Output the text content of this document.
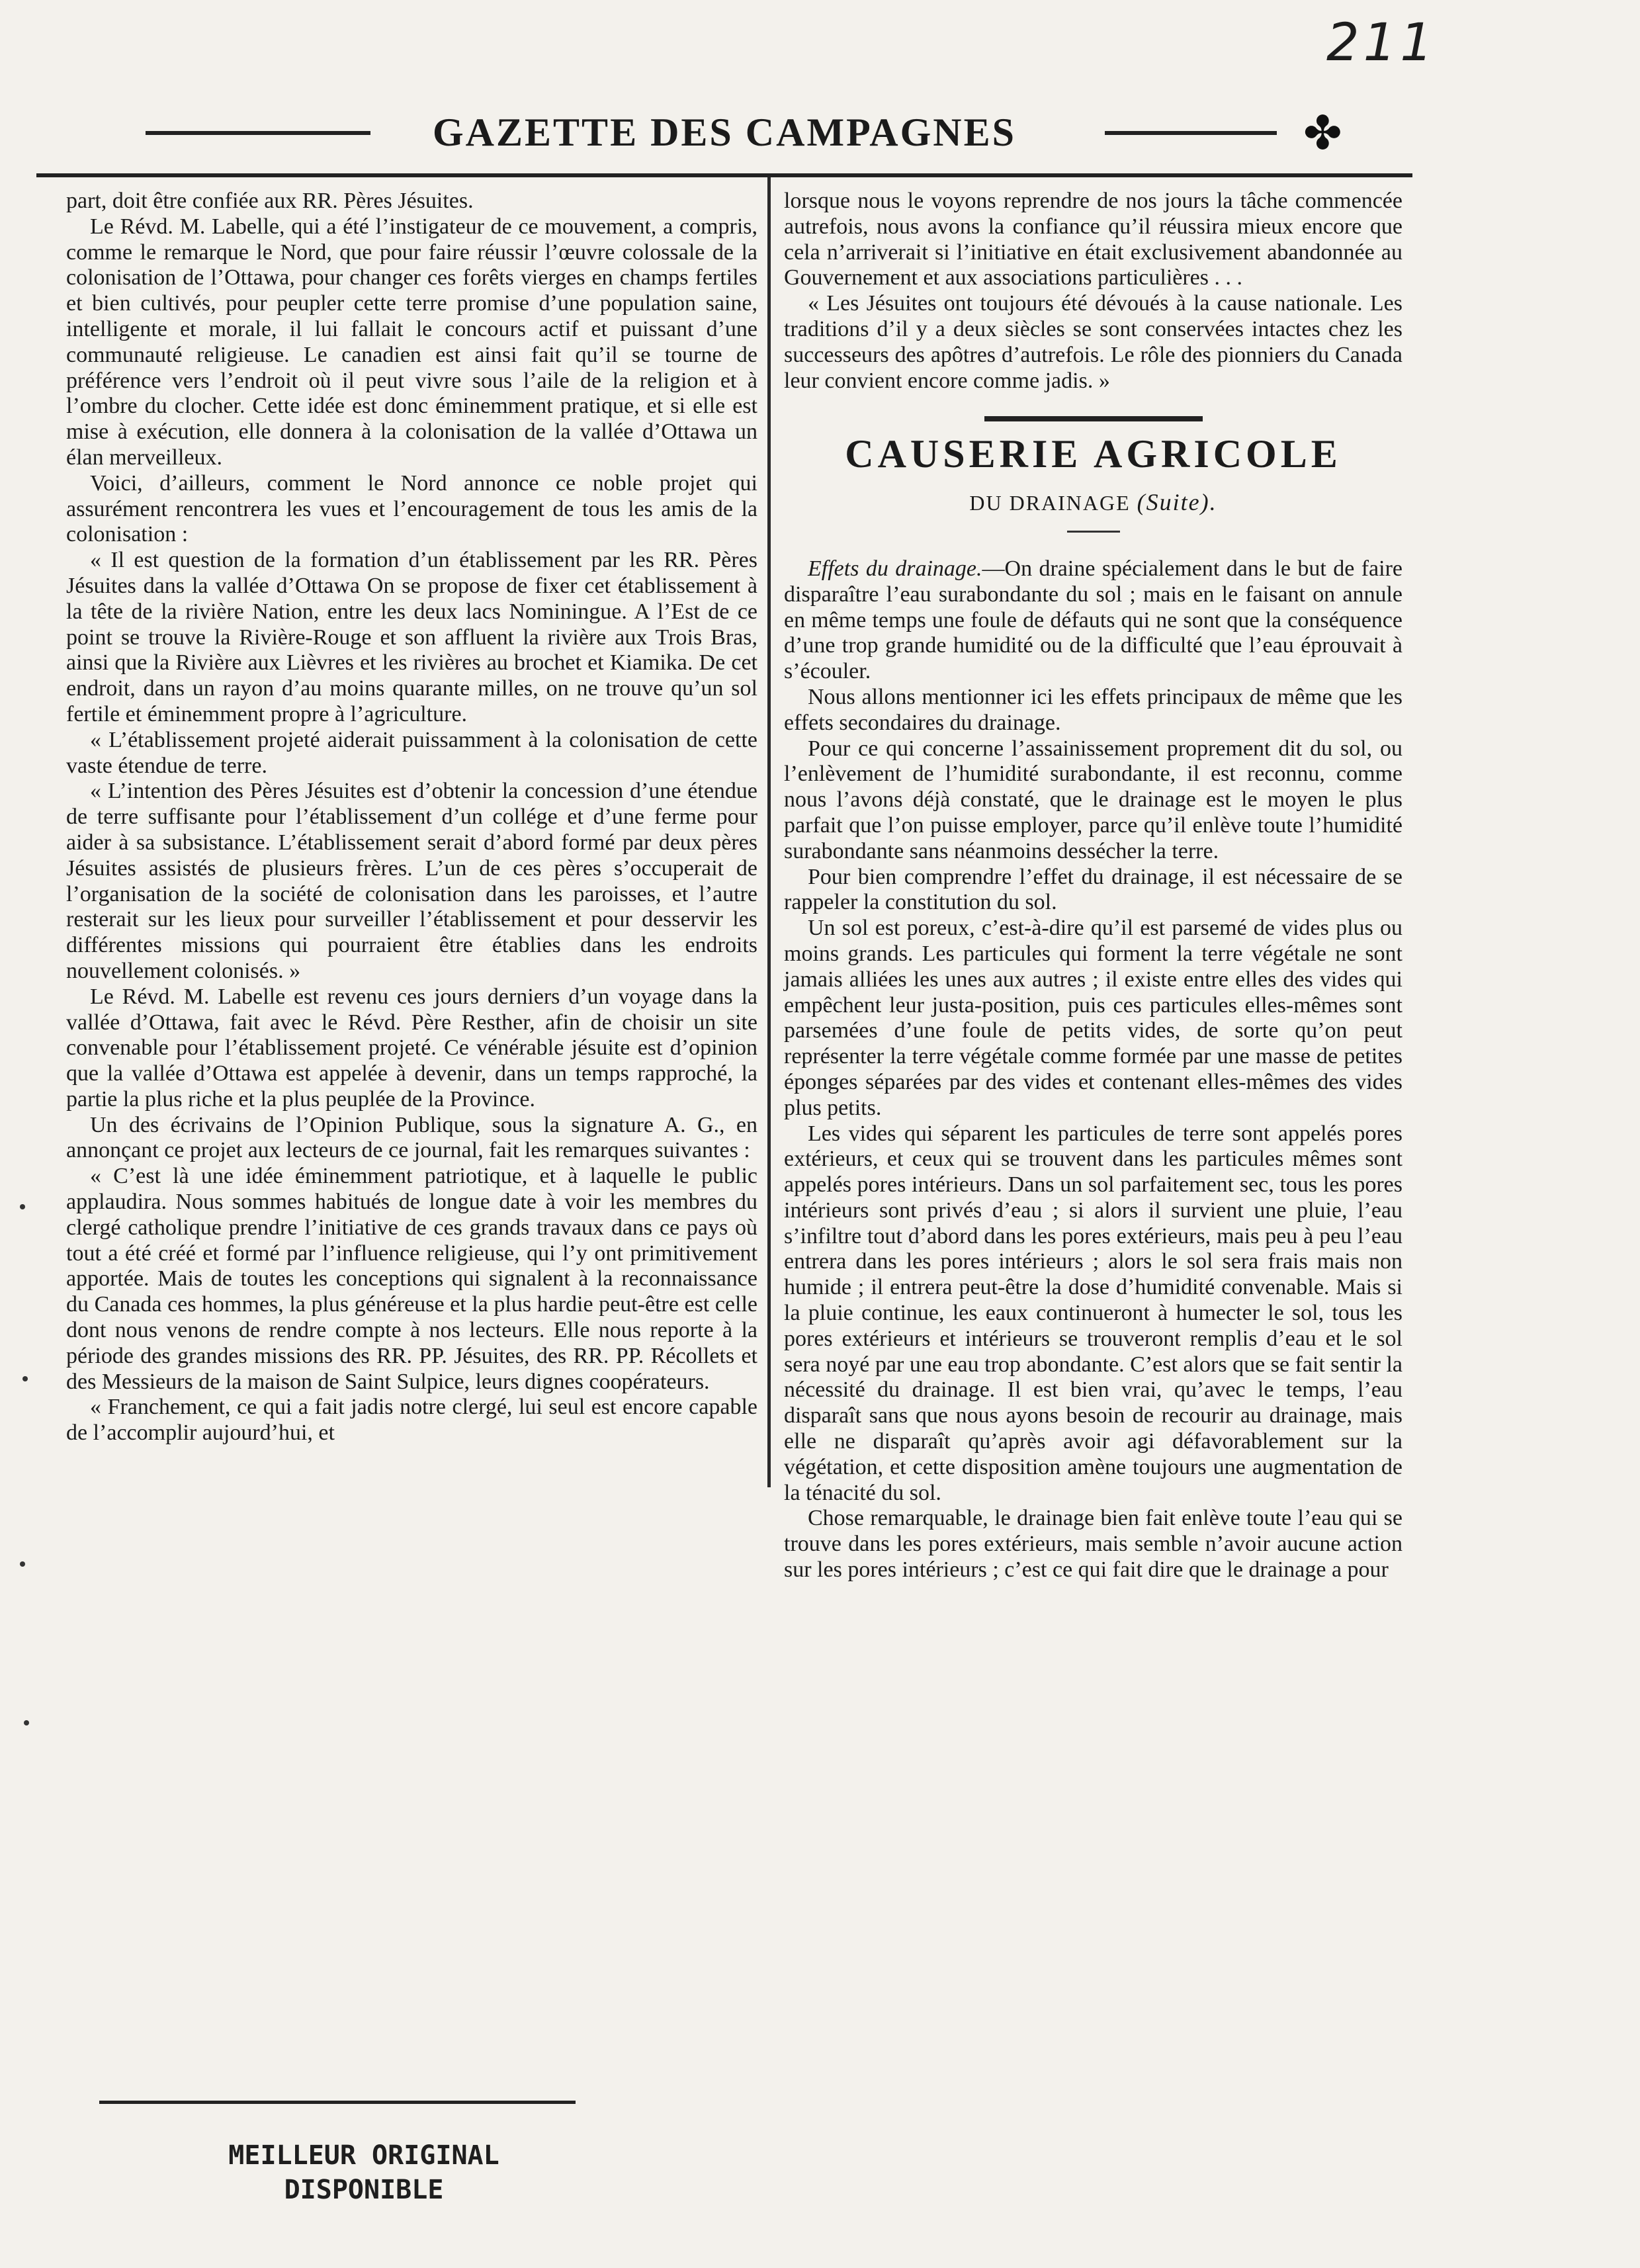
211
GAZETTE DES CAMPAGNES	✤

part, doit être confiée aux RR. Pères Jésuites.

Le Révd. M. Labelle, qui a été l’instigateur de ce mouvement, a compris, comme le remarque le Nord, que pour faire réussir l’œuvre colossale de la colonisation de l’Ottawa, pour changer ces forêts vierges en champs fertiles et bien cultivés, pour peupler cette terre promise d’une population saine, intelligente et morale, il lui fallait le concours actif et puissant d’une communauté religieuse. Le canadien est ainsi fait qu’il se tourne de préférence vers l’endroit où il peut vivre sous l’aile de la religion et à l’ombre du clocher. Cette idée est donc éminemment pratique, et si elle est mise à exécution, elle donnera à la colonisation de la vallée d’Ottawa un élan merveilleux.

Voici, d’ailleurs, comment le Nord annonce ce noble projet qui assurément rencontrera les vues et l’encouragement de tous les amis de la colonisation :

« Il est question de la formation d’un établissement par les RR. Pères Jésuites dans la vallée d’Ottawa On se propose de fixer cet établissement à la tête de la rivière Nation, entre les deux lacs Nominingue. A l’Est de ce point se trouve la Rivière-Rouge et son affluent la rivière aux Trois Bras, ainsi que la Rivière aux Lièvres et les rivières au brochet et Kiamika. De cet endroit, dans un rayon d’au moins quarante milles, on ne trouve qu’un sol fertile et éminemment propre à l’agriculture.

« L’établissement projeté aiderait puissamment à la colonisation de cette vaste étendue de terre.

« L’intention des Pères Jésuites est d’obtenir la concession d’une étendue de terre suffisante pour l’établissement d’un collége et d’une ferme pour aider à sa subsistance. L’établissement serait d’abord formé par deux pères Jésuites assistés de plusieurs frères. L’un de ces pères s’occuperait de l’organisation de la société de colonisation dans les paroisses, et l’autre resterait sur les lieux pour surveiller l’établissement et pour desservir les différentes missions qui pourraient être établies dans les endroits nouvellement colonisés. »

Le Révd. M. Labelle est revenu ces jours derniers d’un voyage dans la vallée d’Ottawa, fait avec le Révd. Père Resther, afin de choisir un site convenable pour l’établissement projeté. Ce vénérable jésuite est d’opinion que la vallée d’Ottawa est appelée à devenir, dans un temps rapproché, la partie la plus riche et la plus peuplée de la Province.

Un des écrivains de l’Opinion Publique, sous la signature A. G., en annonçant ce projet aux lecteurs de ce journal, fait les remarques suivantes :

« C’est là une idée éminemment patriotique, et à laquelle le public applaudira. Nous sommes habitués de longue date à voir les membres du clergé catholique prendre l’initiative de ces grands travaux dans ce pays où tout a été créé et formé par l’influence religieuse, qui l’y ont primitivement apportée. Mais de toutes les conceptions qui signalent à la reconnaissance du Canada ces hommes, la plus généreuse et la plus hardie peut-être est celle dont nous venons de rendre compte à nos lecteurs. Elle nous reporte à la période des grandes missions des RR. PP. Jésuites, des RR. PP. Récollets et des Messieurs de la maison de Saint Sulpice, leurs dignes coopérateurs.

« Franchement, ce qui a fait jadis notre clergé, lui seul est encore capable de l’accomplir aujourd’hui, et

lorsque nous le voyons reprendre de nos jours la tâche commencée autrefois, nous avons la confiance qu’il réussira mieux encore que cela n’arriverait si l’initiative en était exclusivement abandonnée au Gouvernement et aux associations particulières . . .

« Les Jésuites ont toujours été dévoués à la cause nationale. Les traditions d’il y a deux siècles se sont conservées intactes chez les successeurs des apôtres d’autrefois. Le rôle des pionniers du Canada leur convient encore comme jadis. »

CAUSERIE AGRICOLE
DU DRAINAGE (Suite).

Effets du drainage.—On draine spécialement dans le but de faire disparaître l’eau surabondante du sol ; mais en le faisant on annule en même temps une foule de défauts qui ne sont que la conséquence d’une trop grande humidité ou de la difficulté que l’eau éprouvait à s’écouler.

Nous allons mentionner ici les effets principaux de même que les effets secondaires du drainage.

Pour ce qui concerne l’assainissement proprement dit du sol, ou l’enlèvement de l’humidité surabondante, il est reconnu, comme nous l’avons déjà constaté, que le drainage est le moyen le plus parfait que l’on puisse employer, parce qu’il enlève toute l’humidité surabondante sans néanmoins dessécher la terre.

Pour bien comprendre l’effet du drainage, il est nécessaire de se rappeler la constitution du sol.

Un sol est poreux, c’est-à-dire qu’il est parsemé de vides plus ou moins grands. Les particules qui forment la terre végétale ne sont jamais alliées les unes aux autres ; il existe entre elles des vides qui empêchent leur justa-position, puis ces particules elles-mêmes sont parsemées d’une foule de petits vides, de sorte qu’on peut représenter la terre végétale comme formée par une masse de petites éponges séparées par des vides et contenant elles-mêmes des vides plus petits.

Les vides qui séparent les particules de terre sont appelés pores extérieurs, et ceux qui se trouvent dans les particules mêmes sont appelés pores intérieurs. Dans un sol parfaitement sec, tous les pores intérieurs sont privés d’eau ; si alors il survient une pluie, l’eau s’infiltre tout d’abord dans les pores extérieurs, mais peu à peu l’eau entrera dans les pores intérieurs ; alors le sol sera frais mais non humide ; il entrera peut-être la dose d’humidité convenable. Mais si la pluie continue, les eaux continueront à humecter le sol, tous les pores extérieurs et intérieurs se trouveront remplis d’eau et le sol sera noyé par une eau trop abondante. C’est alors que se fait sentir la nécessité du drainage. Il est bien vrai, qu’avec le temps, l’eau disparaît sans que nous ayons besoin de recourir au drainage, mais elle ne disparaît qu’après avoir agi défavorablement sur la végétation, et cette disposition amène toujours une augmentation de la ténacité du sol.

Chose remarquable, le drainage bien fait enlève toute l’eau qui se trouve dans les pores extérieurs, mais semble n’avoir aucune action sur les pores intérieurs ; c’est ce qui fait dire que le drainage a pour

MEILLEUR ORIGINAL
DISPONIBLE
